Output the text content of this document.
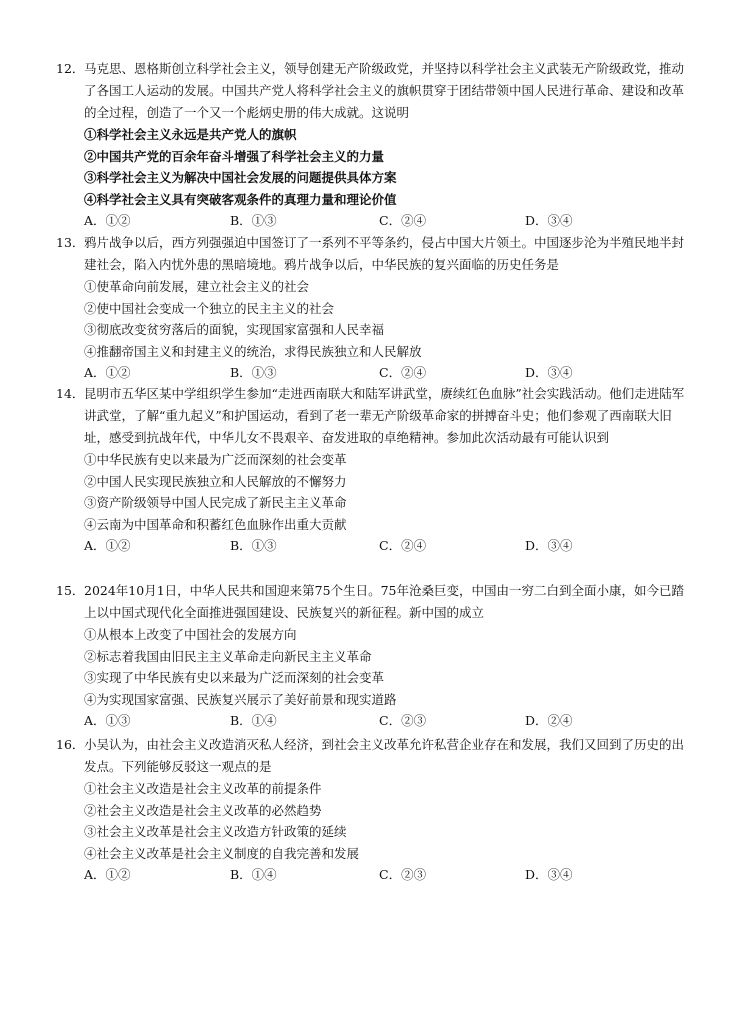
12． 马克思、恩格斯创立科学社会主义，领导创建无产阶级政党，并坚持以科学社会主义武装无产阶级政党，推动了各国工人运动的发展。中国共产党人将科学社会主义的旗帜贯穿于团结带领中国人民进行革命、建设和改革的全过程，创造了一个又一个彪炳史册的伟大成就。这说明
①科学社会主义永远是共产党人的旗帜
②中国共产党的百余年奋斗增强了科学社会主义的力量
③科学社会主义为解决中国社会发展的问题提供具体方案
④科学社会主义具有突破客观条件的真理力量和理论价值
A．①②	B．①③	C．②④	D．③④
13． 鸦片战争以后，西方列强强迫中国签订了一系列不平等条约，侵占中国大片领土。中国逐步沦为半殖民地半封建社会，陷入内忧外患的黑暗境地。鸦片战争以后，中华民族的复兴面临的历史任务是
①使革命向前发展，建立社会主义的社会
②使中国社会变成一个独立的民主主义的社会
③彻底改变贫穷落后的面貌，实现国家富强和人民幸福
④推翻帝国主义和封建主义的统治，求得民族独立和人民解放
A．①②	B．①③	C．②④	D．③④
14． 昆明市五华区某中学组织学生参加“走进西南联大和陆军讲武堂，赓续红色血脉”社会实践活动。他们走进陆军讲武堂，了解“重九起义”和护国运动，看到了老一辈无产阶级革命家的拼搏奋斗史；他们参观了西南联大旧址，感受到抗战年代，中华儿女不畏艰辛、奋发进取的卓绝精神。参加此次活动最有可能认识到
①中华民族有史以来最为广泛而深刻的社会变革
②中国人民实现民族独立和人民解放的不懈努力
③资产阶级领导中国人民完成了新民主主义革命
④云南为中国革命和积蓄红色血脉作出重大贡献
A．①②	B．①③	C．②④	D．③④
15． 2024年10月1日，中华人民共和国迎来第75个生日。75年沧桑巨变，中国由一穷二白到全面小康，如今已踏上以中国式现代化全面推进强国建设、民族复兴的新征程。新中国的成立
①从根本上改变了中国社会的发展方向
②标志着我国由旧民主主义革命走向新民主主义革命
③实现了中华民族有史以来最为广泛而深刻的社会变革
④为实现国家富强、民族复兴展示了美好前景和现实道路
A．①③	B．①④	C．②③	D．②④
16． 小吴认为，由社会主义改造消灭私人经济，到社会主义改革允许私营企业存在和发展，我们又回到了历史的出发点。下列能够反驳这一观点的是
①社会主义改造是社会主义改革的前提条件
②社会主义改造是社会主义改革的必然趋势
③社会主义改革是社会主义改造方针政策的延续
④社会主义改革是社会主义制度的自我完善和发展
A．①②	B．①④	C．②③	D．③④
